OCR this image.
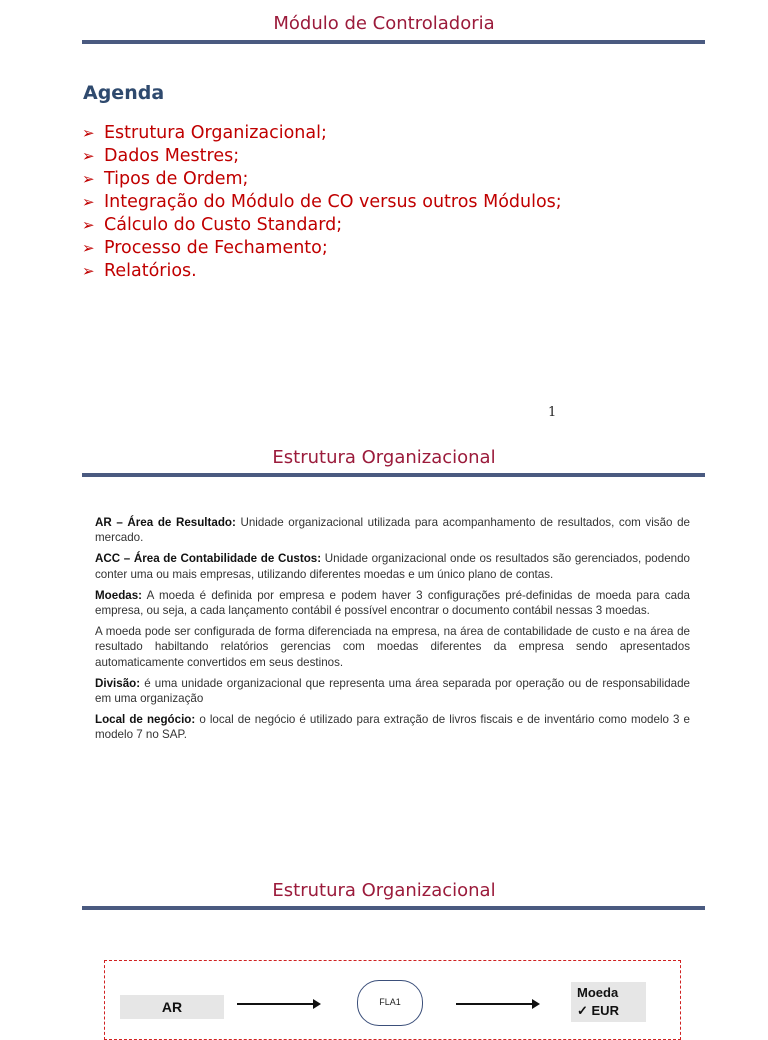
Módulo de Controladoria
Agenda
➢ Estrutura Organizacional;
➢ Dados Mestres;
➢ Tipos de Ordem;
➢ Integração do Módulo de CO versus outros Módulos;
➢ Cálculo do Custo Standard;
➢ Processo de Fechamento;
➢ Relatórios.
1
Estrutura Organizacional

AR – Área de Resultado: Unidade organizacional utilizada para acompanhamento de resultados, com visão de mercado.

ACC – Área de Contabilidade de Custos: Unidade organizacional onde os resultados são gerenciados, podendo conter uma ou mais empresas, utilizando diferentes moedas e um único plano de contas.

Moedas: A moeda é definida por empresa e podem haver 3 configurações pré-definidas de moeda para cada empresa, ou seja, a cada lançamento contábil é possível encontrar o documento contábil nessas 3 moedas.

A moeda pode ser configurada de forma diferenciada na empresa, na área de contabilidade de custo e na área de resultado habiltando relatórios gerencias com moedas diferentes da empresa sendo apresentados automaticamente convertidos em seus destinos.

Divisão: é uma unidade organizacional que representa uma área separada por operação ou de responsabilidade em uma organização

Local de negócio: o local de negócio é utilizado para extração de livros fiscais e de inventário como modelo 3 e modelo 7 no SAP.

Estrutura Organizacional
AR	FLA1
Moeda
✓ EUR
